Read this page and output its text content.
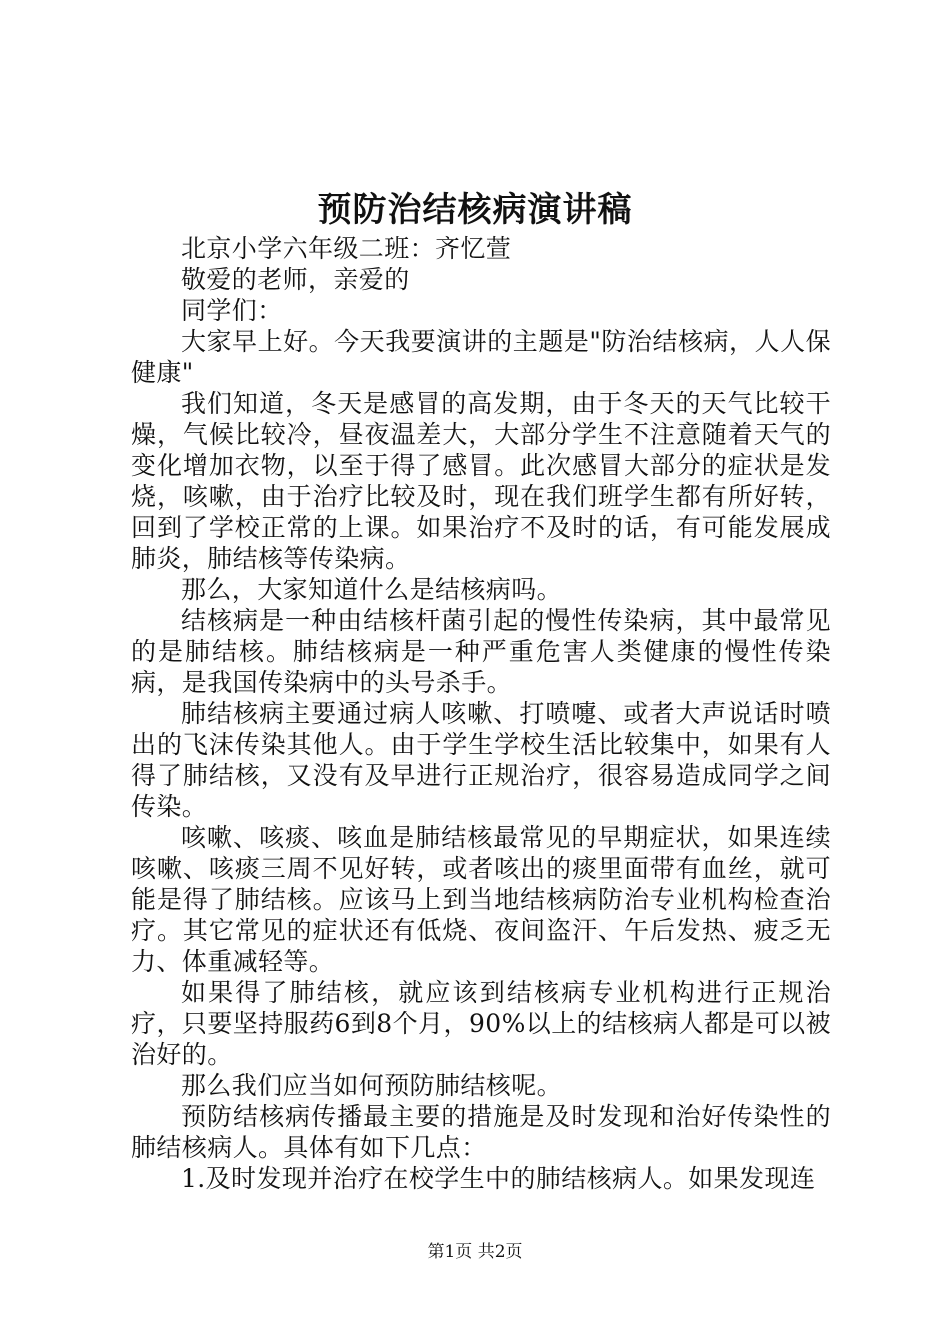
预防治结核病演讲稿

北京小学六年级二班：齐忆萱

敬爱的老师，亲爱的

同学们：

大家早上好。今天我要演讲的主题是"防治结核病，人人保健康"

我们知道，冬天是感冒的高发期，由于冬天的天气比较干燥，气候比较冷，昼夜温差大，大部分学生不注意随着天气的变化增加衣物，以至于得了感冒。此次感冒大部分的症状是发烧，咳嗽，由于治疗比较及时，现在我们班学生都有所好转，回到了学校正常的上课。如果治疗不及时的话，有可能发展成肺炎，肺结核等传染病。

那么，大家知道什么是结核病吗。

结核病是一种由结核杆菌引起的慢性传染病，其中最常见的是肺结核。肺结核病是一种严重危害人类健康的慢性传染病，是我国传染病中的头号杀手。

肺结核病主要通过病人咳嗽、打喷嚏、或者大声说话时喷出的飞沫传染其他人。由于学生学校生活比较集中，如果有人得了肺结核，又没有及早进行正规治疗，很容易造成同学之间传染。

咳嗽、咳痰、咳血是肺结核最常见的早期症状，如果连续咳嗽、咳痰三周不见好转，或者咳出的痰里面带有血丝，就可能是得了肺结核。应该马上到当地结核病防治专业机构检查治疗。其它常见的症状还有低烧、夜间盗汗、午后发热、疲乏无力、体重减轻等。

如果得了肺结核，就应该到结核病专业机构进行正规治疗，只要坚持服药6到8个月，90%以上的结核病人都是可以被治好的。

那么我们应当如何预防肺结核呢。

预防结核病传播最主要的措施是及时发现和治好传染性的肺结核病人。具体有如下几点：

1.及时发现并治疗在校学生中的肺结核病人。如果发现连

第1页 共2页
